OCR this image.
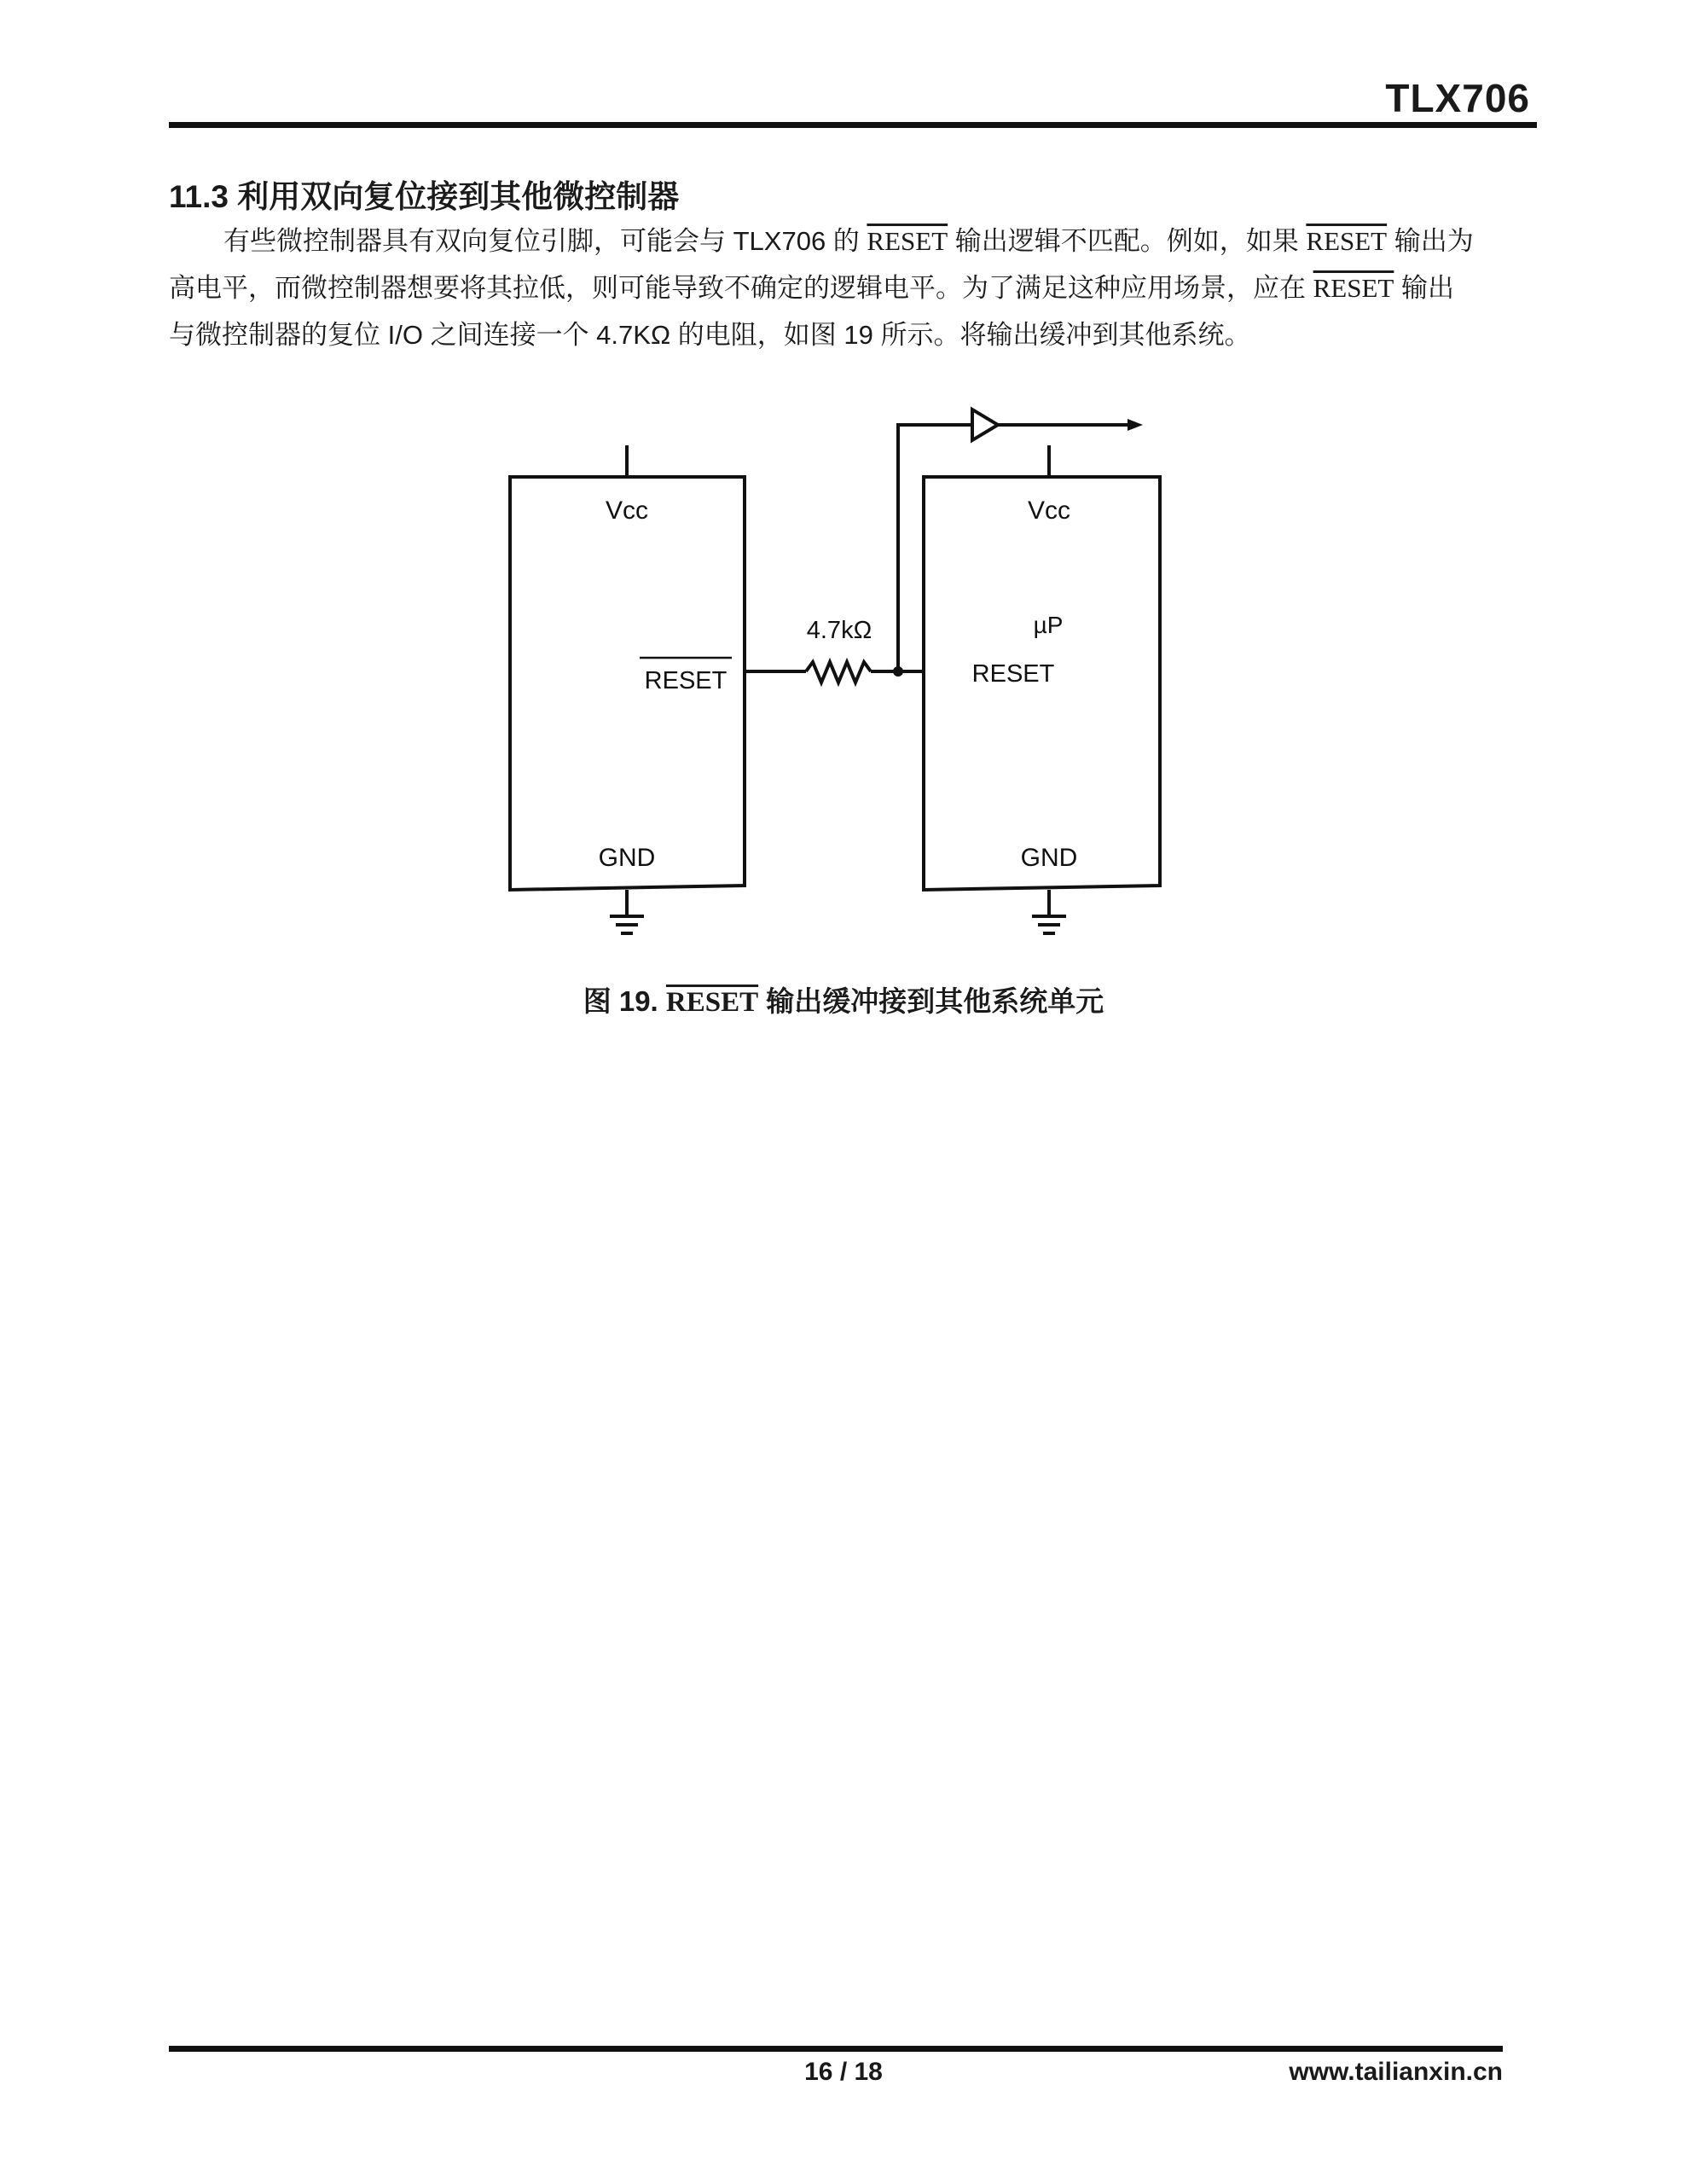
TLX706
11.3 利用双向复位接到其他微控制器
有些微控制器具有双向复位引脚，可能会与 TLX706 的 RESET 输出逻辑不匹配。例如，如果 RESET 输出为
高电平，而微控制器想要将其拉低，则可能导致不确定的逻辑电平。为了满足这种应用场景，应在 RESET 输出
与微控制器的复位 I/O 之间连接一个 4.7KΩ 的电阻，如图 19 所示。将输出缓冲到其他系统。
Vcc
RESET
GND
4.7kΩ
Vcc
µP
RESET
GND
图 19. RESET 输出缓冲接到其他系统单元
16 / 18	www.tailianxin.cn
